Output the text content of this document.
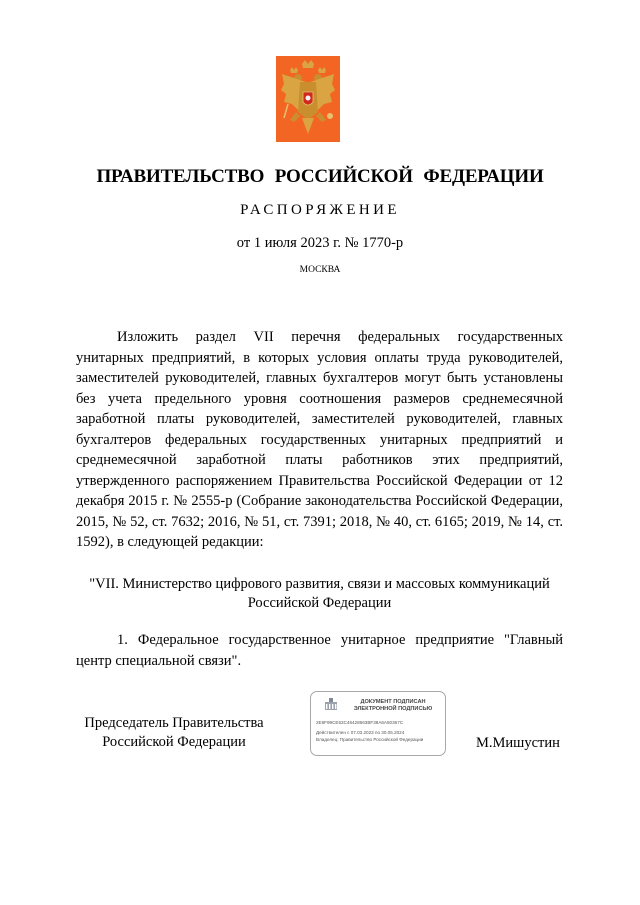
ПРАВИТЕЛЬСТВО РОССИЙСКОЙ ФЕДЕРАЦИИ
РАСПОРЯЖЕНИЕ
от 1 июля 2023 г. № 1770-р
МОСКВА

Изложить раздел VII перечня федеральных государственных унитарных предприятий, в которых условия оплаты труда руководителей, заместителей руководителей, главных бухгалтеров могут быть установлены без учета предельного уровня соотношения размеров среднемесячной заработной платы руководителей, заместителей руководителей, главных бухгалтеров федеральных государственных унитарных предприятий и среднемесячной заработной платы работников этих предприятий, утвержденного распоряжением Правительства Российской Федерации от 12 декабря 2015 г. № 2555-р (Собрание законодательства Российской Федерации, 2015, № 52, ст. 7632; 2016, № 51, ст. 7391; 2018, № 40, ст. 6165; 2019, № 14, ст. 1592), в следующей редакции:

"VII. Министерство цифрового развития, связи и массовых коммуникаций Российской Федерации

1. Федеральное государственное унитарное предприятие "Главный центр специальной связи".

Председатель Правительства
Российской Федерации	М.Мишустин
ДОКУМЕНТ ПОДПИСАН
ЭЛЕКТРОННОЙ ПОДПИСЬЮ
2E6F99CE53C46428663BF38A6A50367C
Действителен с 07.03.2023 по 30.05.2024
Владелец: Правительство Российской Федерации
